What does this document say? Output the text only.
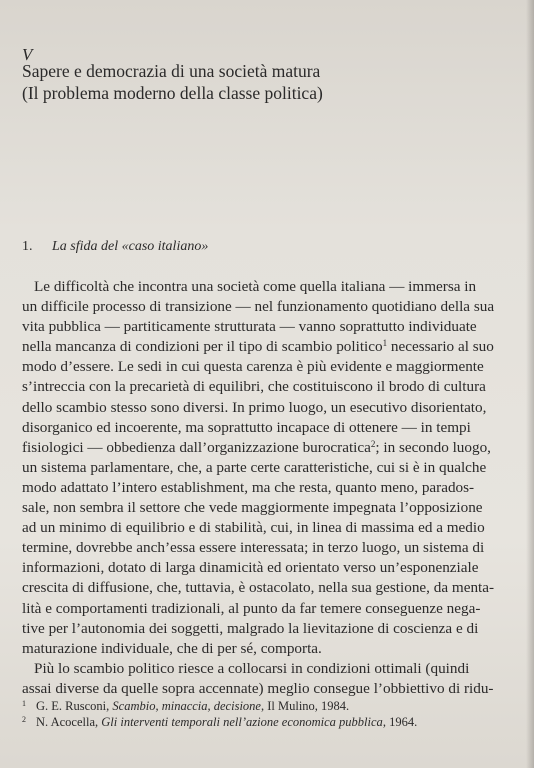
V
Sapere e democrazia di una società matura
(Il problema moderno della classe politica)
1. La sfida del «caso italiano»
Le difficoltà che incontra una società come quella italiana — immersa in
un difficile processo di transizione — nel funzionamento quotidiano della sua
vita pubblica — partiticamente strutturata — vanno soprattutto individuate
nella mancanza di condizioni per il tipo di scambio politico$^1$ necessario al suo
modo d’essere. Le sedi in cui questa carenza è più evidente e maggiormente
s’intreccia con la precarietà di equilibri, che costituiscono il brodo di cultura
dello scambio stesso sono diversi. In primo luogo, un esecutivo disorientato,
disorganico ed incoerente, ma soprattutto incapace di ottenere — in tempi
fisiologici — obbedienza dall’organizzazione burocratica$^2$; in secondo luogo,
un sistema parlamentare, che, a parte certe caratteristiche, cui si è in qualche
modo adattato l’intero establishment, ma che resta, quanto meno, parados-
sale, non sembra il settore che vede maggiormente impegnata l’opposizione
ad un minimo di equilibrio e di stabilità, cui, in linea di massima ed a medio
termine, dovrebbe anch’essa essere interessata; in terzo luogo, un sistema di
informazioni, dotato di larga dinamicità ed orientato verso un’esponenziale
crescita di diffusione, che, tuttavia, è ostacolato, nella sua gestione, da menta-
lità e comportamenti tradizionali, al punto da far temere conseguenze nega-
tive per l’autonomia dei soggetti, malgrado la lievitazione di coscienza e di
maturazione individuale, che di per sé, comporta.
Più lo scambio politico riesce a collocarsi in condizioni ottimali (quindi
assai diverse da quelle sopra accennate) meglio consegue l’obbiettivo di ridu-
1 G. E. Rusconi, Scambio, minaccia, decisione, Il Mulino, 1984.
2 N. Acocella, Gli interventi temporali nell’azione economica pubblica, 1964.
